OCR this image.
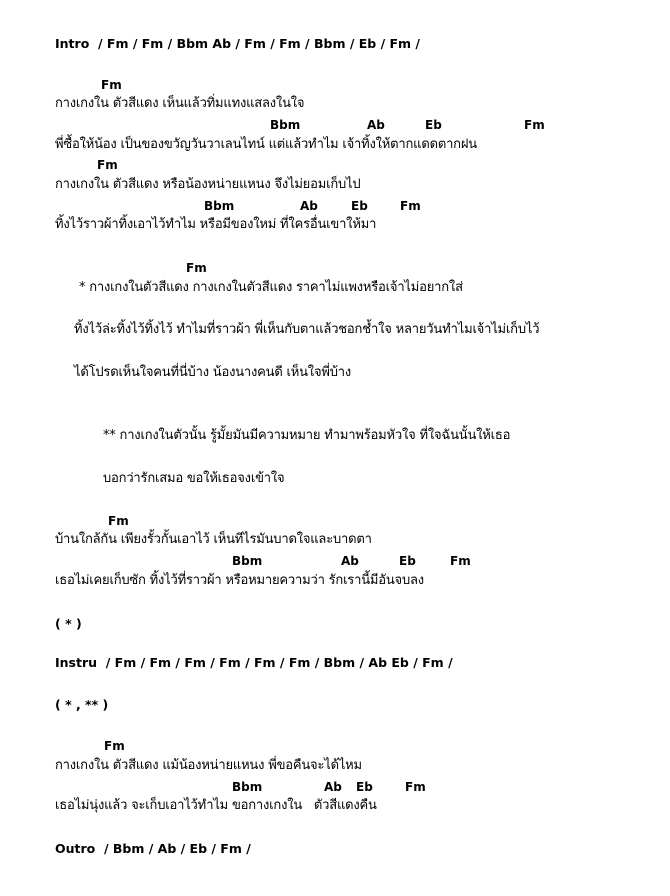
Intro  / Fm / Fm / Bbm Ab / Fm / Fm / Bbm / Eb / Fm /
Fm
กางเกงใน ตัวสีแดง เห็นแล้วทิ่มแทงแสลงในใจ
Bbm	Ab	Eb	Fm
พี่ซื้อให้น้อง เป็นของขวัญวันวาเลนไทน์ แต่แล้วทำไม เจ้าทิ้งให้ตากแดดตากฝน
Fm
กางเกงใน ตัวสีแดง หรือน้องหน่ายแหนง จึงไม่ยอมเก็บไป
Bbm	Ab	Eb	Fm
ทิ้งไว้ราวผ้าทิ้งเอาไว้ทำไม หรือมีของใหม่ ที่ใครอื่นเขาให้มา
Fm
* กางเกงในตัวสีแดง กางเกงในตัวสีแดง ราคาไม่แพงหรือเจ้าไม่อยากใส่
ทิ้งไว้ล่ะทิ้งไว้ทิ้งไว้ ทำไมที่ราวผ้า พี่เห็นกับตาแล้วชอกช้ำใจ หลายวันทำไมเจ้าไม่เก็บไว้
ได้โปรดเห็นใจคนที่นี่บ้าง น้องนางคนดี เห็นใจพี่บ้าง
** กางเกงในตัวนั้น รู้มั้ยมันมีความหมาย ทำมาพร้อมหัวใจ ที่ใจฉันนั้นให้เธอ
บอกว่ารักเสมอ ขอให้เธอจงเข้าใจ
Fm
บ้านใกล้กัน เพียงรั้วกั้นเอาไว้ เห็นทีไรมันบาดใจและบาดตา
Bbm	Ab	Eb	Fm
เธอไม่เคยเก็บซัก ทิ้งไว้ที่ราวผ้า หรือหมายความว่า รักเรานี้มีอันจบลง
( * )
Instru  / Fm / Fm / Fm / Fm / Fm / Fm / Bbm / Ab Eb / Fm /
( * , ** )
Fm
กางเกงใน ตัวสีแดง แม้น้องหน่ายแหนง พี่ขอคืนจะได้ไหม
Bbm	Ab Eb	Fm
เธอไม่นุ่งแล้ว จะเก็บเอาไว้ทำไม ขอกางเกงใน   ตัวสีแดงคืน
Outro  / Bbm / Ab / Eb / Fm /
